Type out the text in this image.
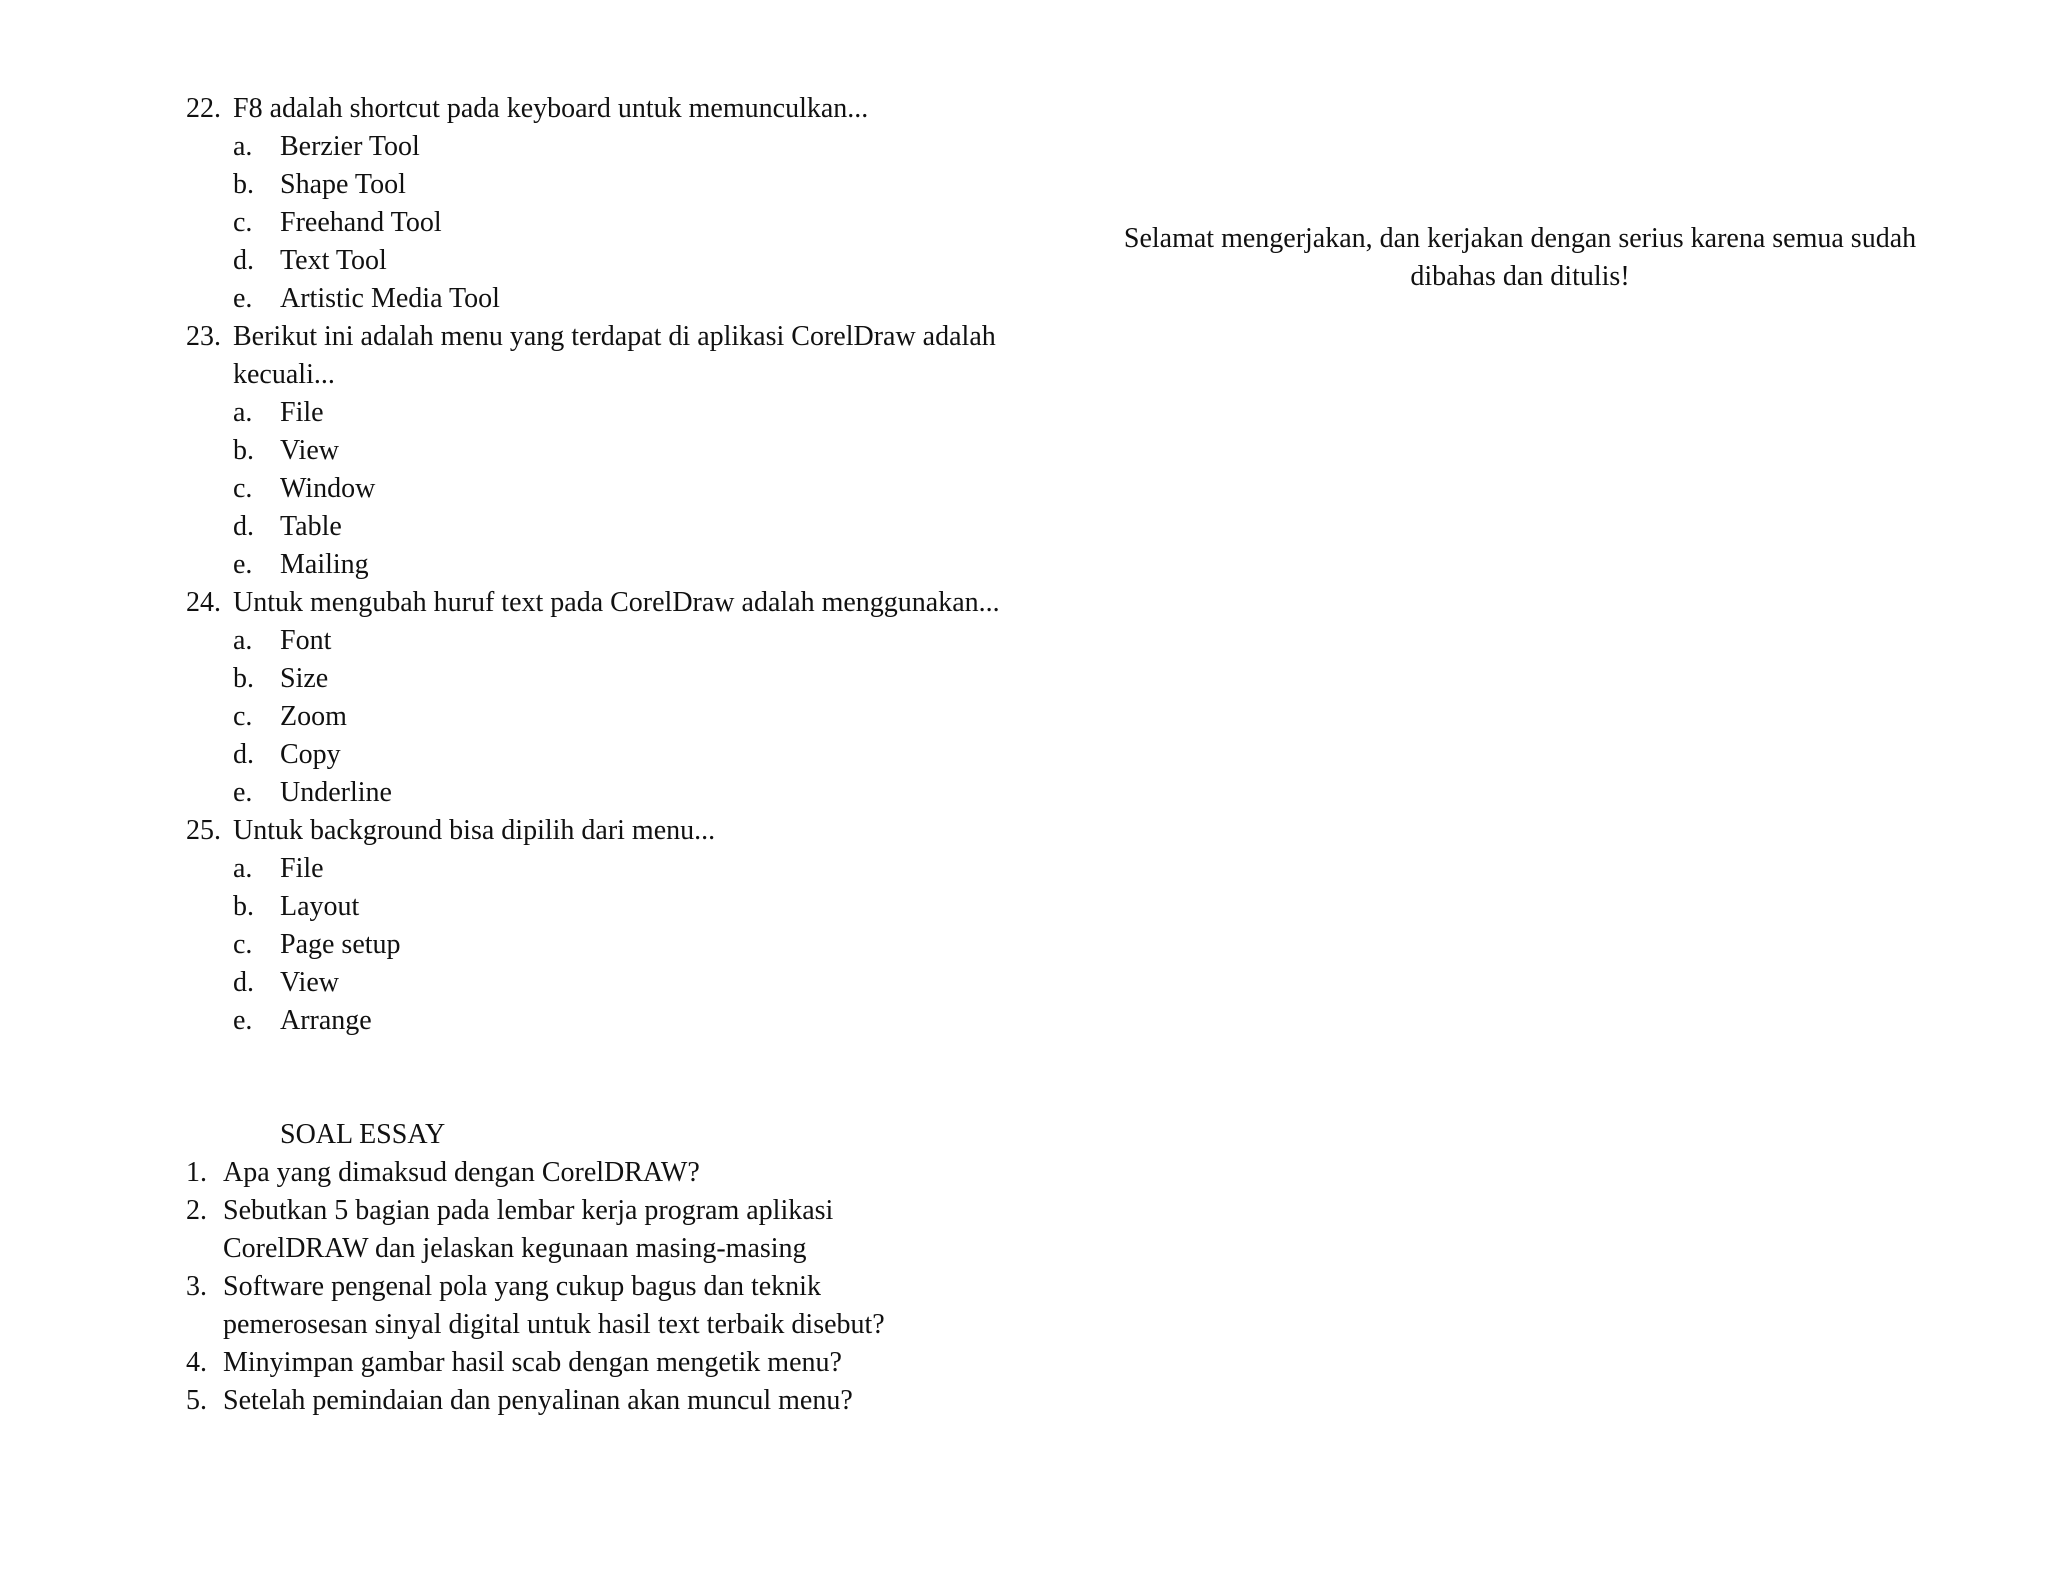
22. F8 adalah shortcut pada keyboard untuk memunculkan...
a. Berzier Tool
b. Shape Tool
c. Freehand Tool
d. Text Tool
e. Artistic Media Tool
23. Berikut ini adalah menu yang terdapat di aplikasi CorelDraw adalah kecuali...
a. File
b. View
c. Window
d. Table
e. Mailing
24. Untuk mengubah huruf text pada CorelDraw adalah menggunakan...
a. Font
b. Size
c. Zoom
d. Copy
e. Underline
25. Untuk background bisa dipilih dari menu...
a. File
b. Layout
c. Page setup
d. View
e. Arrange
SOAL ESSAY
1. Apa yang dimaksud dengan CorelDRAW?
2. Sebutkan 5 bagian pada lembar kerja program aplikasi CorelDRAW dan jelaskan kegunaan masing-masing
3. Software pengenal pola yang cukup bagus dan teknik pemerosesan sinyal digital untuk hasil text terbaik disebut?
4. Minyimpan gambar hasil scab dengan mengetik menu?
5. Setelah pemindaian dan penyalinan akan muncul menu?
Selamat mengerjakan, dan kerjakan dengan serius karena semua sudah dibahas dan ditulis!
